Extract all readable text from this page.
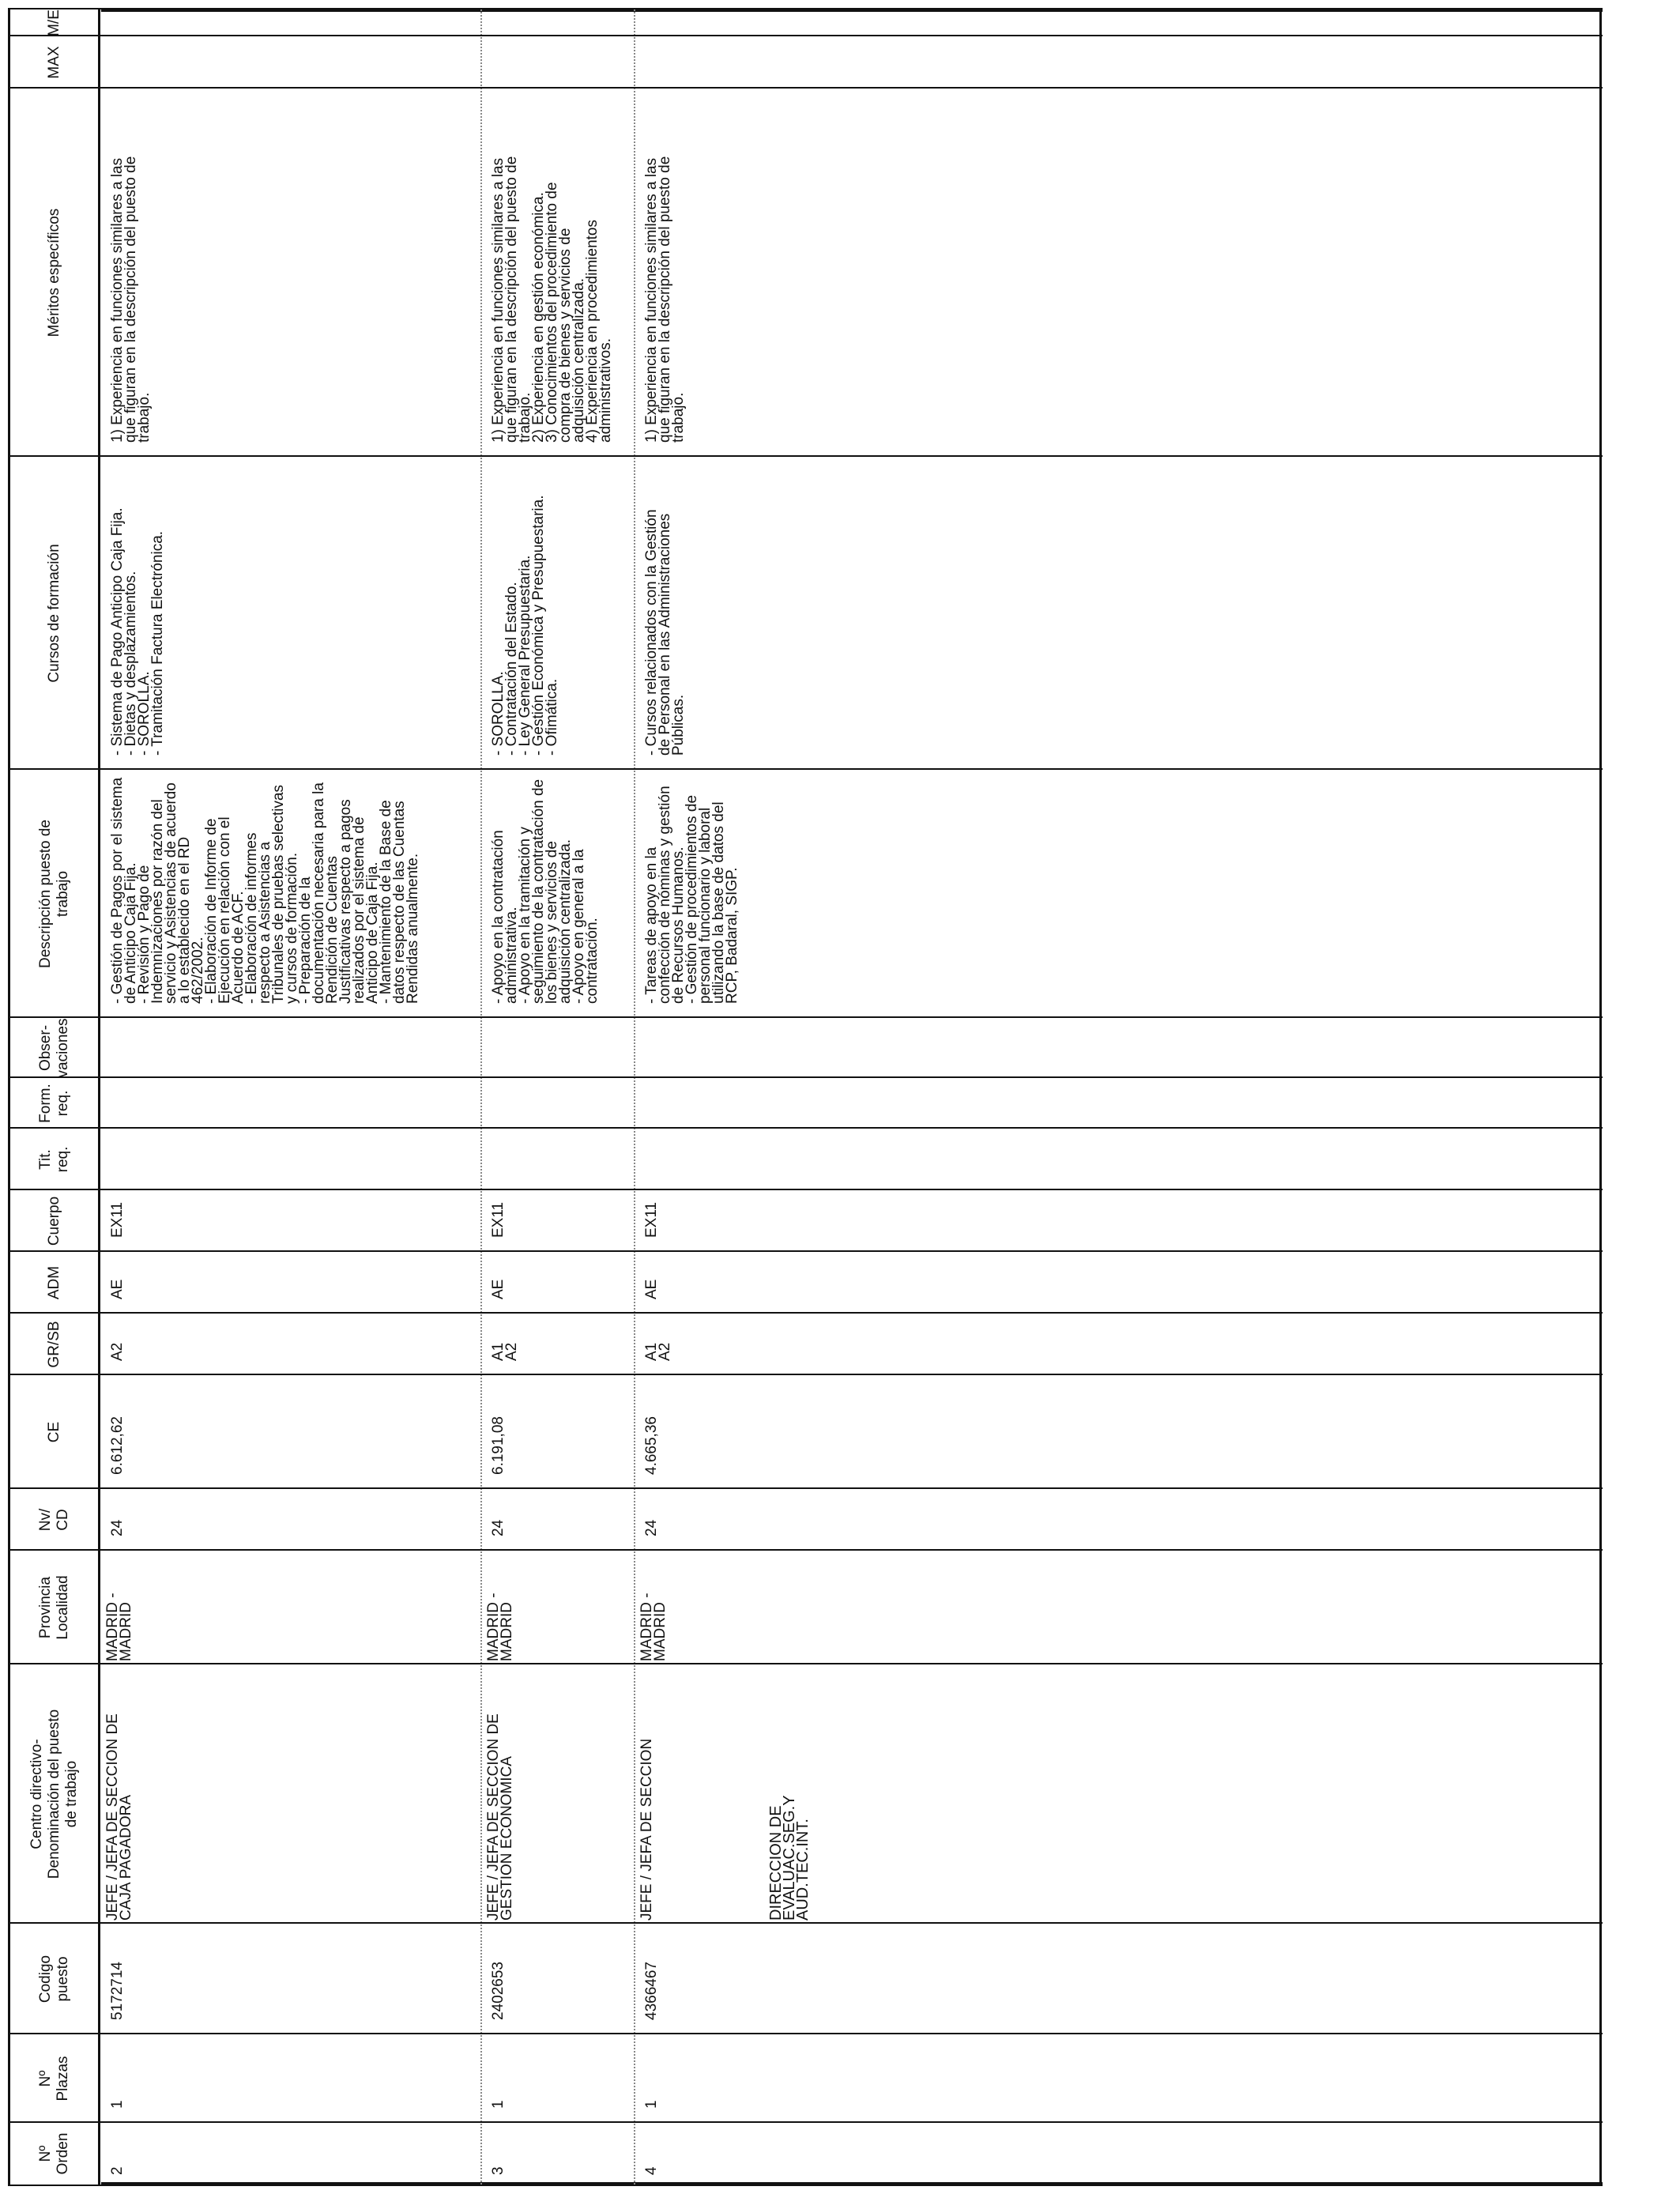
Nº
Orden
Nº
Plazas
Codigo
puesto
Centro directivo-
Denominación del puesto
de trabajo
Provincia
Localidad
Nv/
CD
CE
GR/SB
ADM
Cuerpo
Tit.
req.
Form.
req.
Obser-
vaciones
Descripción puesto de
trabajo
Cursos de formación
Méritos específicos
MAX
M/E
2
1
5172714
JEFE / JEFA DE SECCION DE
CAJA PAGADORA
MADRID -
MADRID
24
6.612,62
A2
AE
EX11
- Gestión de Pagos por el sistema
de Anticipo Caja Fija.
- Revisión y Pago de
Indemnizaciones por razón del
servicio y Asistencias de acuerdo
a lo establecido en el RD
462/2002.
- Elaboración de Informe de
Ejecución en relación con el
Acuerdo de ACF.
- Elaboración de informes
respecto a Asistencias a
Tribunales de pruebas selectivas
y cursos de formación.
- Preparación de la
documentación necesaria para la
Rendición de Cuentas
Justificativas respecto a pagos
realizados por el sistema de
Anticipo de Caja Fija.
- Mantenimiento de la Base de
datos respecto de las Cuentas
Rendidas anualmente.
- Sistema de Pago Anticipo Caja Fija.
- Dietas y desplazamientos.
- SOROLLA.
- Tramitación Factura Electrónica.
1) Experiencia en funciones similares a las
que figuran en la descripción del puesto de
trabajo.
3
1
2402653
JEFE / JEFA DE SECCION DE
GESTION ECONOMICA
MADRID -
MADRID
24
6.191,08
A1
A2
AE
EX11
- Apoyo en la contratación
administrativa.
- Apoyo en la tramitación y
seguimiento de la contratación de
los bienes y servicios de
adquisición centralizada.
- Apoyo en general a la
contratación.
- SOROLLA.
- Contratación del Estado.
- Ley General Presupuestaria.
- Gestión Económica y Presupuestaria.
- Ofimática.
1) Experiencia en funciones similares a las
que figuran en la descripción del puesto de
trabajo.
2) Experiencia en gestión económica.
3) Conocimientos del procedimiento de
compra de bienes y servicios de
adquisición centralizada.
4) Experiencia en procedimientos
administrativos.
4
1
4366467
JEFE / JEFA DE SECCION
MADRID -
MADRID
24
4.665,36
A1
A2
AE
EX11
- Tareas de apoyo en la
confección de nóminas y gestión
de Recursos Humanos.
- Gestión de procedimientos de
personal funcionario y laboral
utilizando la base de datos del
RCP, Badaral, SIGP.
- Cursos relacionados con la Gestión
de Personal en las Administraciones
Públicas.
1) Experiencia en funciones similares a las
que figuran en la descripción del puesto de
trabajo.
DIRECCION DE
EVALUAC.SEG.Y
AUD.TEC.INT.
